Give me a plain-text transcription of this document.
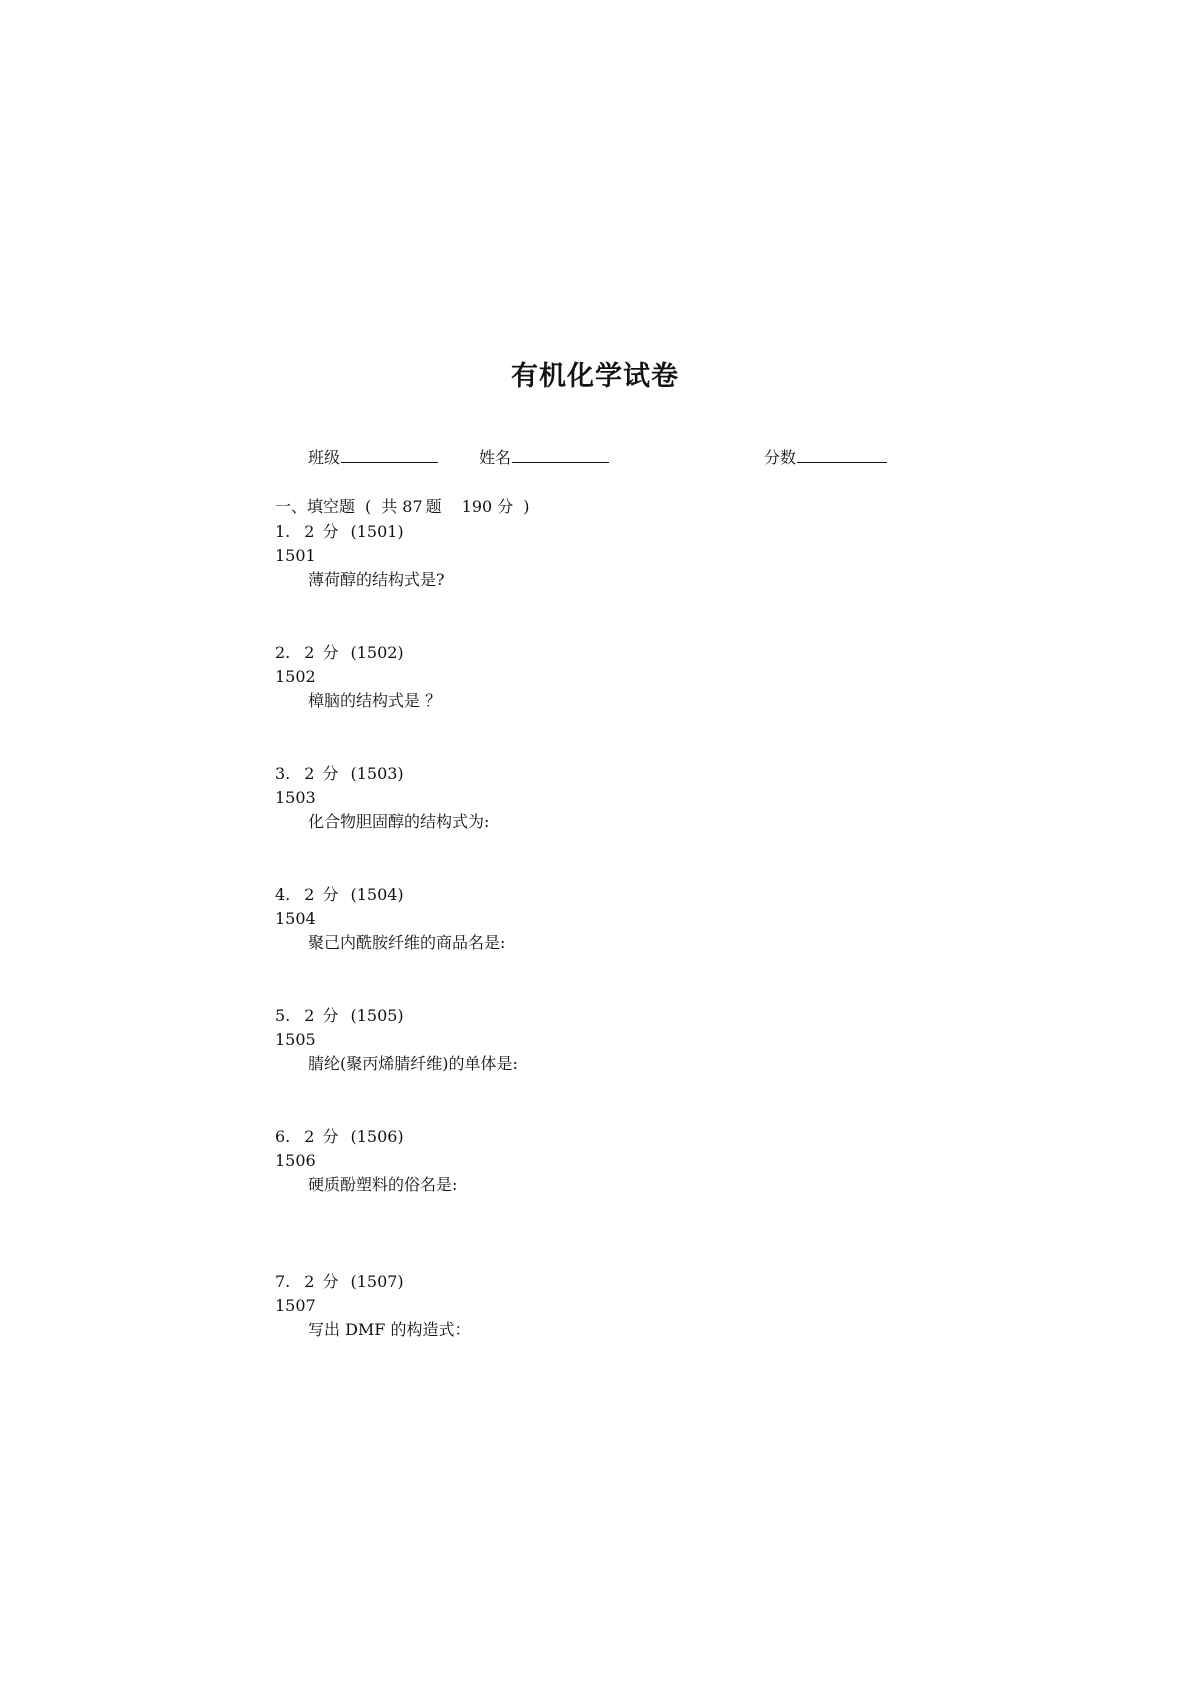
有机化学试卷
班级	姓名	分数
一、填空题 ( 共 87 题 190 分 )
1. 2 分 (1501)
1501
薄荷醇的结构式是?
2. 2 分 (1502)
1502
樟脑的结构式是 ？
3. 2 分 (1503)
1503
化合物胆固醇的结构式为:
4. 2 分 (1504)
1504
聚己内酰胺纤维的商品名是:
5. 2 分 (1505)
1505
腈纶(聚丙烯腈纤维)的单体是:
6. 2 分 (1506)
1506
硬质酚塑料的俗名是:
7. 2 分 (1507)
1507
写出 DMF 的构造式：
